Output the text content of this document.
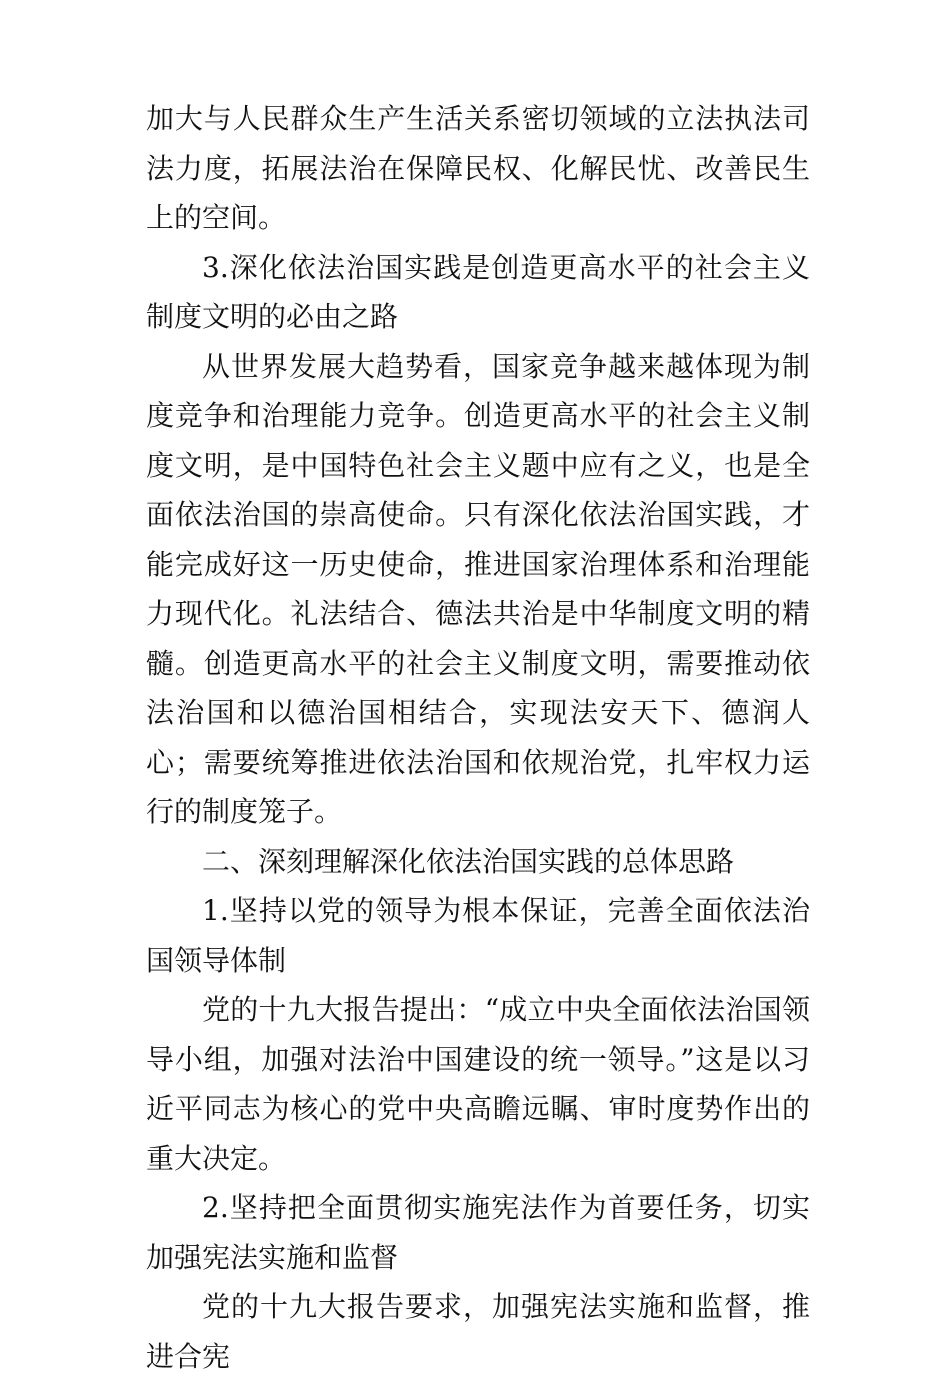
加大与人民群众生产生活关系密切领域的立法执法司法力度，拓展法治在保障民权、化解民忧、改善民生上的空间。

3.深化依法治国实践是创造更高水平的社会主义制度文明的必由之路

从世界发展大趋势看，国家竞争越来越体现为制度竞争和治理能力竞争。创造更高水平的社会主义制度文明，是中国特色社会主义题中应有之义，也是全面依法治国的崇高使命。只有深化依法治国实践，才能完成好这一历史使命，推进国家治理体系和治理能力现代化。礼法结合、德法共治是中华制度文明的精髓。创造更高水平的社会主义制度文明，需要推动依法治国和以德治国相结合，实现法安天下、德润人心；需要统筹推进依法治国和依规治党，扎牢权力运行的制度笼子。

二、深刻理解深化依法治国实践的总体思路

1.坚持以党的领导为根本保证，完善全面依法治国领导体制

党的十九大报告提出：“成立中央全面依法治国领导小组，加强对法治中国建设的统一领导。”这是以习近平同志为核心的党中央高瞻远瞩、审时度势作出的重大决定。

2.坚持把全面贯彻实施宪法作为首要任务，切实加强宪法实施和监督

党的十九大报告要求，加强宪法实施和监督，推进合宪
